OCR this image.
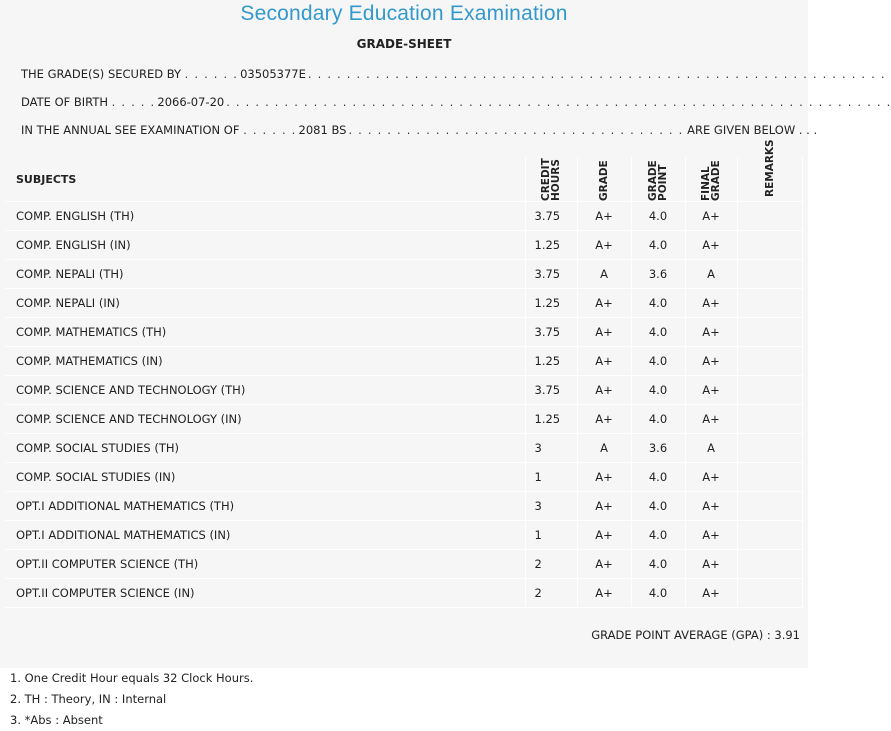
Secondary Education Examination
GRADE-SHEET
THE GRADE(S) SECURED BY . . . . . . 03505377E . . . . . . . . . . . . . . . . . . . . . . . . . . . . . . . . . . . . . . . . . . . . . . . . . . . . . . . . . . . .
DATE OF BIRTH . . . . . 2066-07-20 . . . . . . . . . . . . . . . . . . . . . . . . . . . . . . . . . . . . . . . . . . . . . . . . . . . . . . . . . . . . . . . . . . . . .
IN THE ANNUAL SEE EXAMINATION OF . . . . . . 2081 BS . . . . . . . . . . . . . . . . . . . . . . . . . . . . . . . . . . . ARE GIVEN BELOW . . .
SUBJECTS	CREDIT HOURS	GRADE	GRADE POINT	FINAL GRADE	REMARKS

COMP. ENGLISH (TH)	3.75	A+	4.0	A+	
COMP. ENGLISH (IN)	1.25	A+	4.0	A+	
COMP. NEPALI (TH)	3.75	A	3.6	A	
COMP. NEPALI (IN)	1.25	A+	4.0	A+	
COMP. MATHEMATICS (TH)	3.75	A+	4.0	A+	
COMP. MATHEMATICS (IN)	1.25	A+	4.0	A+	
COMP. SCIENCE AND TECHNOLOGY (TH)	3.75	A+	4.0	A+	
COMP. SCIENCE AND TECHNOLOGY (IN)	1.25	A+	4.0	A+	
COMP. SOCIAL STUDIES (TH)	3	A	3.6	A	
COMP. SOCIAL STUDIES (IN)	1	A+	4.0	A+	
OPT.I ADDITIONAL MATHEMATICS (TH)	3	A+	4.0	A+	
OPT.I ADDITIONAL MATHEMATICS (IN)	1	A+	4.0	A+	
OPT.II COMPUTER SCIENCE (TH)	2	A+	4.0	A+	
OPT.II COMPUTER SCIENCE (IN)	2	A+	4.0	A+	
GRADE POINT AVERAGE (GPA) : 3.91
1. One Credit Hour equals 32 Clock Hours.
2. TH : Theory, IN : Internal
3. *Abs : Absent
